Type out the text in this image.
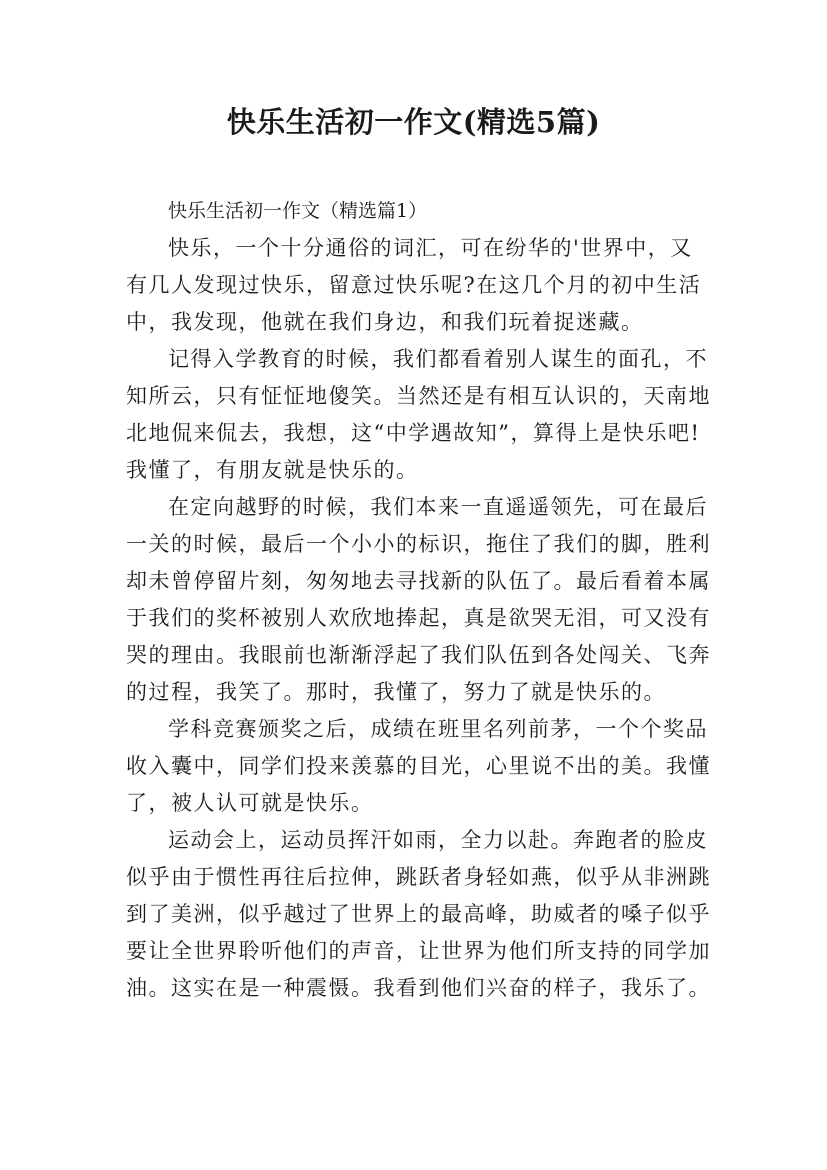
快乐生活初一作文(精选5篇)
快乐生活初一作文（精选篇1）
快乐，一个十分通俗的词汇，可在纷华的'世界中，又
有几人发现过快乐，留意过快乐呢?在这几个月的初中生活
中，我发现，他就在我们身边，和我们玩着捉迷藏。
记得入学教育的时候，我们都看着别人谋生的面孔，不
知所云，只有怔怔地傻笑。当然还是有相互认识的，天南地
北地侃来侃去，我想，这“中学遇故知”，算得上是快乐吧!
我懂了，有朋友就是快乐的。
在定向越野的时候，我们本来一直遥遥领先，可在最后
一关的时候，最后一个小小的标识，拖住了我们的脚，胜利
却未曾停留片刻，匆匆地去寻找新的队伍了。最后看着本属
于我们的奖杯被别人欢欣地捧起，真是欲哭无泪，可又没有
哭的理由。我眼前也渐渐浮起了我们队伍到各处闯关、飞奔
的过程，我笑了。那时，我懂了，努力了就是快乐的。
学科竞赛颁奖之后，成绩在班里名列前茅，一个个奖品
收入囊中，同学们投来羡慕的目光，心里说不出的美。我懂
了，被人认可就是快乐。
运动会上，运动员挥汗如雨，全力以赴。奔跑者的脸皮
似乎由于惯性再往后拉伸，跳跃者身轻如燕，似乎从非洲跳
到了美洲，似乎越过了世界上的最高峰，助威者的嗓子似乎
要让全世界聆听他们的声音，让世界为他们所支持的同学加
油。这实在是一种震慑。我看到他们兴奋的样子，我乐了。
